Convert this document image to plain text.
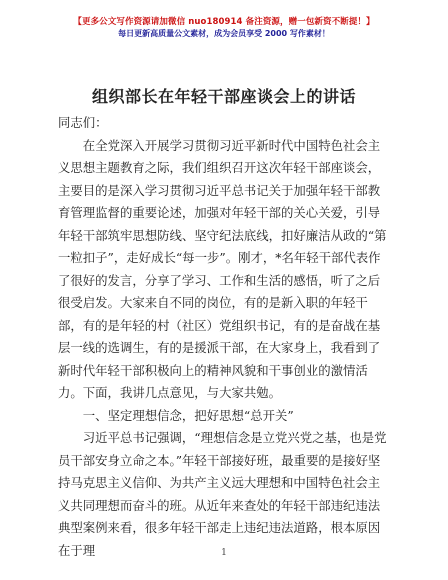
【更多公文写作资源请加微信 nuo180914 备注资源，赠一包新资不断提！】
每日更新高质量公文素材，成为会员享受 2000 写作素材！
组织部长在年轻干部座谈会上的讲话

同志们：

在全党深入开展学习贯彻习近平新时代中国特色社会主义思想主题教育之际，我们组织召开这次年轻干部座谈会，主要目的是深入学习贯彻习近平总书记关于加强年轻干部教育管理监督的重要论述，加强对年轻干部的关心关爱，引导年轻干部筑牢思想防线、坚守纪法底线，扣好廉洁从政的“第一粒扣子”，走好成长“每一步”。刚才，*名年轻干部代表作了很好的发言，分享了学习、工作和生活的感悟，听了之后很受启发。大家来自不同的岗位，有的是新入职的年轻干部，有的是年轻的村（社区）党组织书记，有的是奋战在基层一线的选调生，有的是援派干部，在大家身上，我看到了新时代年轻干部积极向上的精神风貌和干事创业的激情活力。下面，我讲几点意见，与大家共勉。

一、坚定理想信念，把好思想“总开关”

习近平总书记强调，“理想信念是立党兴党之基，也是党员干部安身立命之本。”年轻干部接好班，最重要的是接好坚持马克思主义信仰、为共产主义远大理想和中国特色社会主义共同理想而奋斗的班。从近年来查处的年轻干部违纪违法典型案例来看，很多年轻干部走上违纪违法道路，根本原因在于理	1
